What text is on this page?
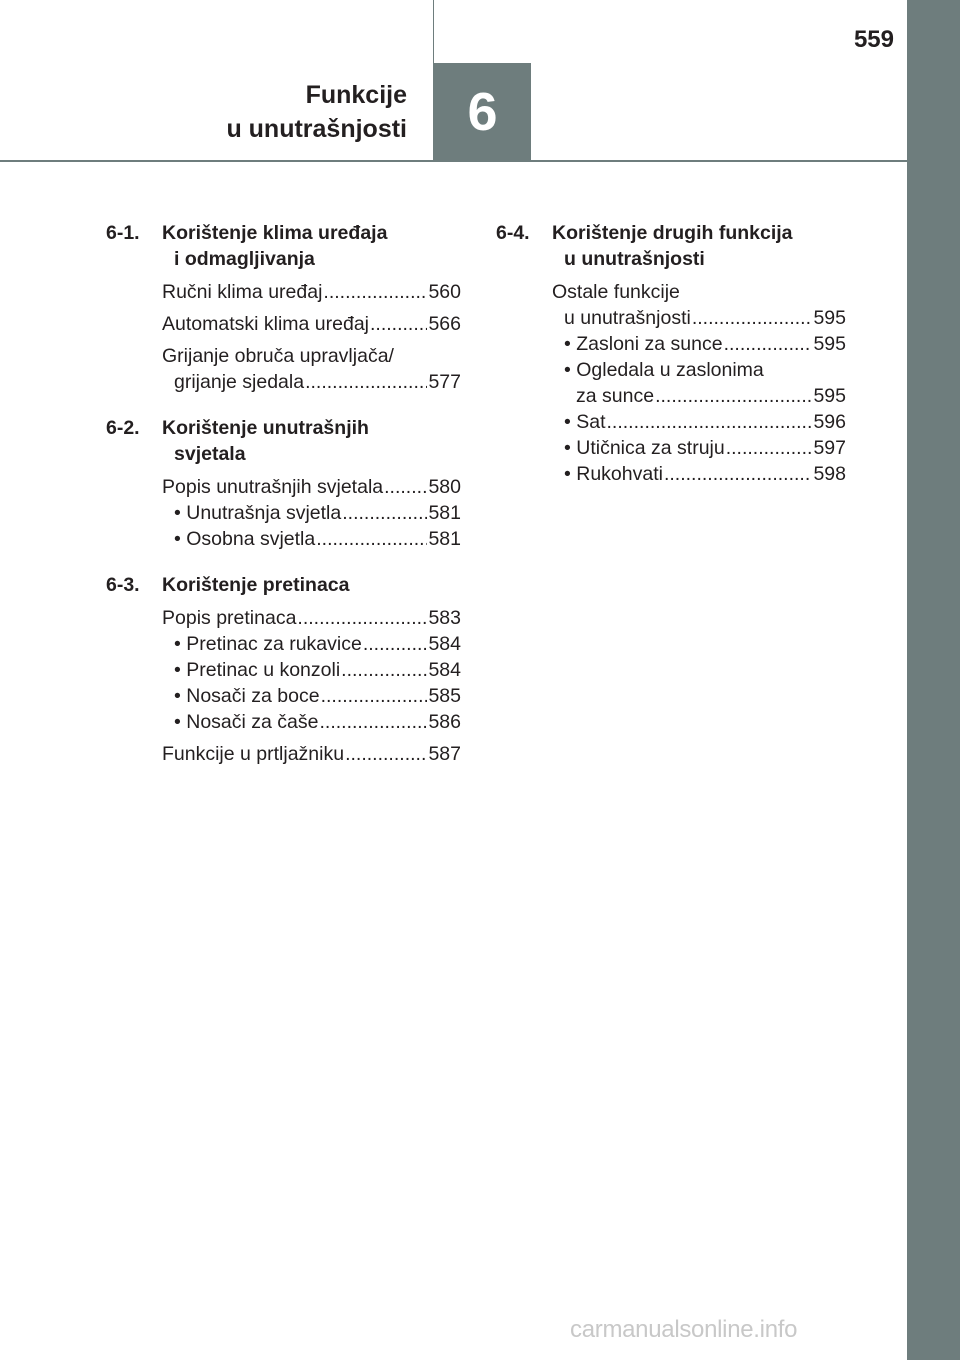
6
559
Funkcije
u unutrašnjosti
6-1. Korištenje klima uređaja
i odmagljivanja
Ručni klima uređaj .....	560
Automatski klima uređaj .....	566
Grijanje obruča upravljača/
grijanje sjedala .....	577
6-2. Korištenje unutrašnjih
svjetala
Popis unutrašnjih svjetala ..... 580
• Unutrašnja svjetla .....	581
• Osobna svjetla .....	581
6-3. Korištenje pretinaca
Popis pretinaca .....	583
• Pretinac za rukavice .....	584
• Pretinac u konzoli .....	584
• Nosači za boce .....	585
• Nosači za čaše .....	586
Funkcije u prtljažniku .....	587
6-4. Korištenje drugih funkcija
u unutrašnjosti
Ostale funkcije
u unutrašnjosti .....	595
• Zasloni za sunce .....	595
• Ogledala u zaslonima
za sunce .....	595
• Sat .....	596
• Utičnica za struju .....	597
• Rukohvati .....	598
carmanualsonline.info
